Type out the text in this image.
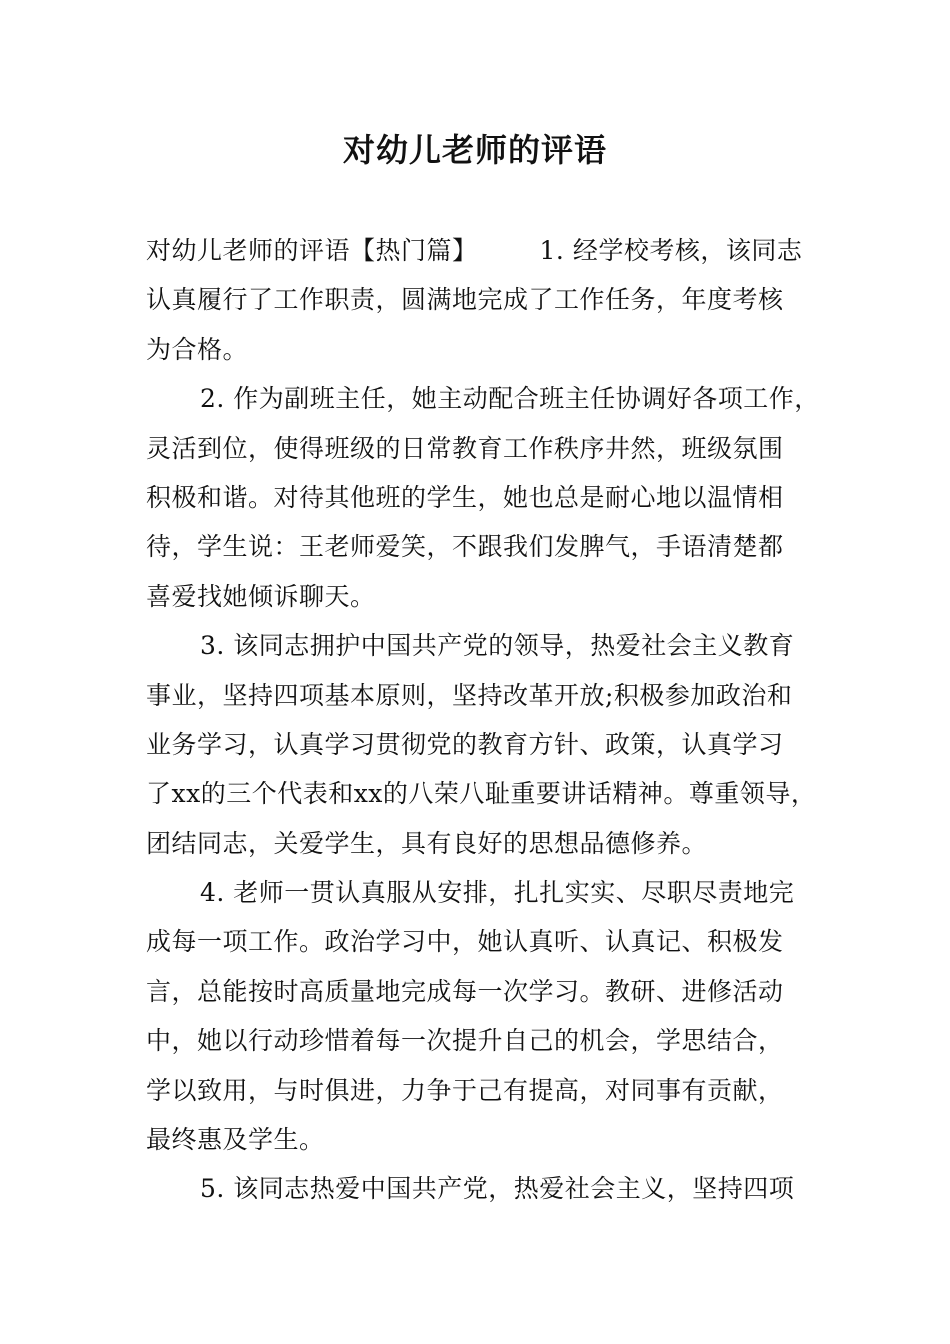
对幼儿老师的评语
对幼儿老师的评语【热门篇】 1. 经学校考核，该同志
认真履行了工作职责，圆满地完成了工作任务，年度考核
为合格。
2. 作为副班主任，她主动配合班主任协调好各项工作，
灵活到位，使得班级的日常教育工作秩序井然，班级氛围
积极和谐。对待其他班的学生，她也总是耐心地以温情相
待，学生说：王老师爱笑，不跟我们发脾气，手语清楚都
喜爱找她倾诉聊天。
3. 该同志拥护中国共产党的领导，热爱社会主义教育
事业，坚持四项基本原则，坚持改革开放;积极参加政治和
业务学习，认真学习贯彻党的教育方针、政策，认真学习
了xx的三个代表和xx的八荣八耻重要讲话精神。尊重领导，
团结同志，关爱学生，具有良好的思想品德修养。
4. 老师一贯认真服从安排，扎扎实实、尽职尽责地完
成每一项工作。政治学习中，她认真听、认真记、积极发
言，总能按时高质量地完成每一次学习。教研、进修活动
中，她以行动珍惜着每一次提升自己的机会，学思结合，
学以致用，与时俱进，力争于己有提高，对同事有贡献，
最终惠及学生。
5. 该同志热爱中国共产党，热爱社会主义，坚持四项
